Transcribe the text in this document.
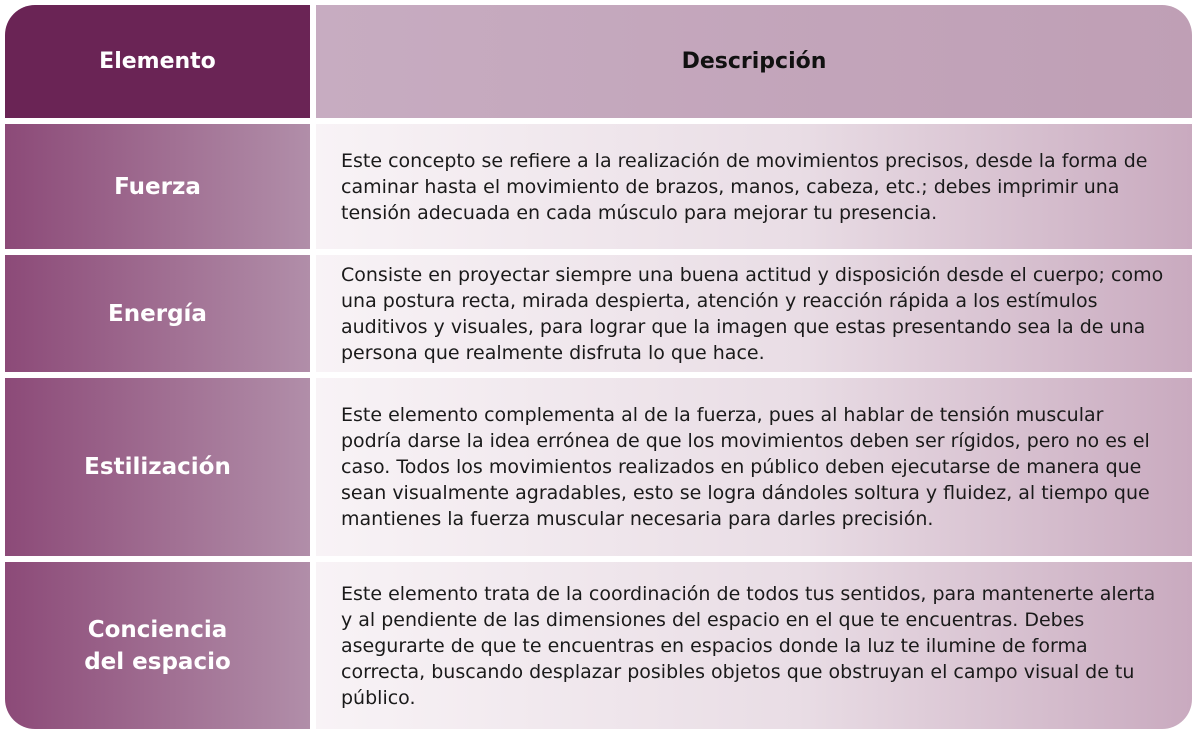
Elemento	Descripción
Fuerza

Este concepto se refiere a la realización de movimientos precisos, desde la forma de caminar hasta el movimiento de brazos, manos, cabeza, etc.; debes imprimir una tensión adecuada en cada músculo para mejorar tu presencia.

Energía

Consiste en proyectar siempre una buena actitud y disposición desde el cuerpo; como una postura recta, mirada despierta, atención y reacción rápida a los estímulos auditivos y visuales, para lograr que la imagen que estas presentando sea la de una persona que realmente disfruta lo que hace.

Estilización

Este elemento complementa al de la fuerza, pues al hablar de tensión muscular podría darse la idea errónea de que los movimientos deben ser rígidos, pero no es el caso. Todos los movimientos realizados en público deben ejecutarse de manera que sean visualmente agradables, esto se logra dándoles soltura y fluidez, al tiempo que mantienes la fuerza muscular necesaria para darles precisión.

Conciencia del espacio

Este elemento trata de la coordinación de todos tus sentidos, para mantenerte alerta y al pendiente de las dimensiones del espacio en el que te encuentras. Debes asegurarte de que te encuentras en espacios donde la luz te ilumine de forma correcta, buscando desplazar posibles objetos que obstruyan el campo visual de tu público.
